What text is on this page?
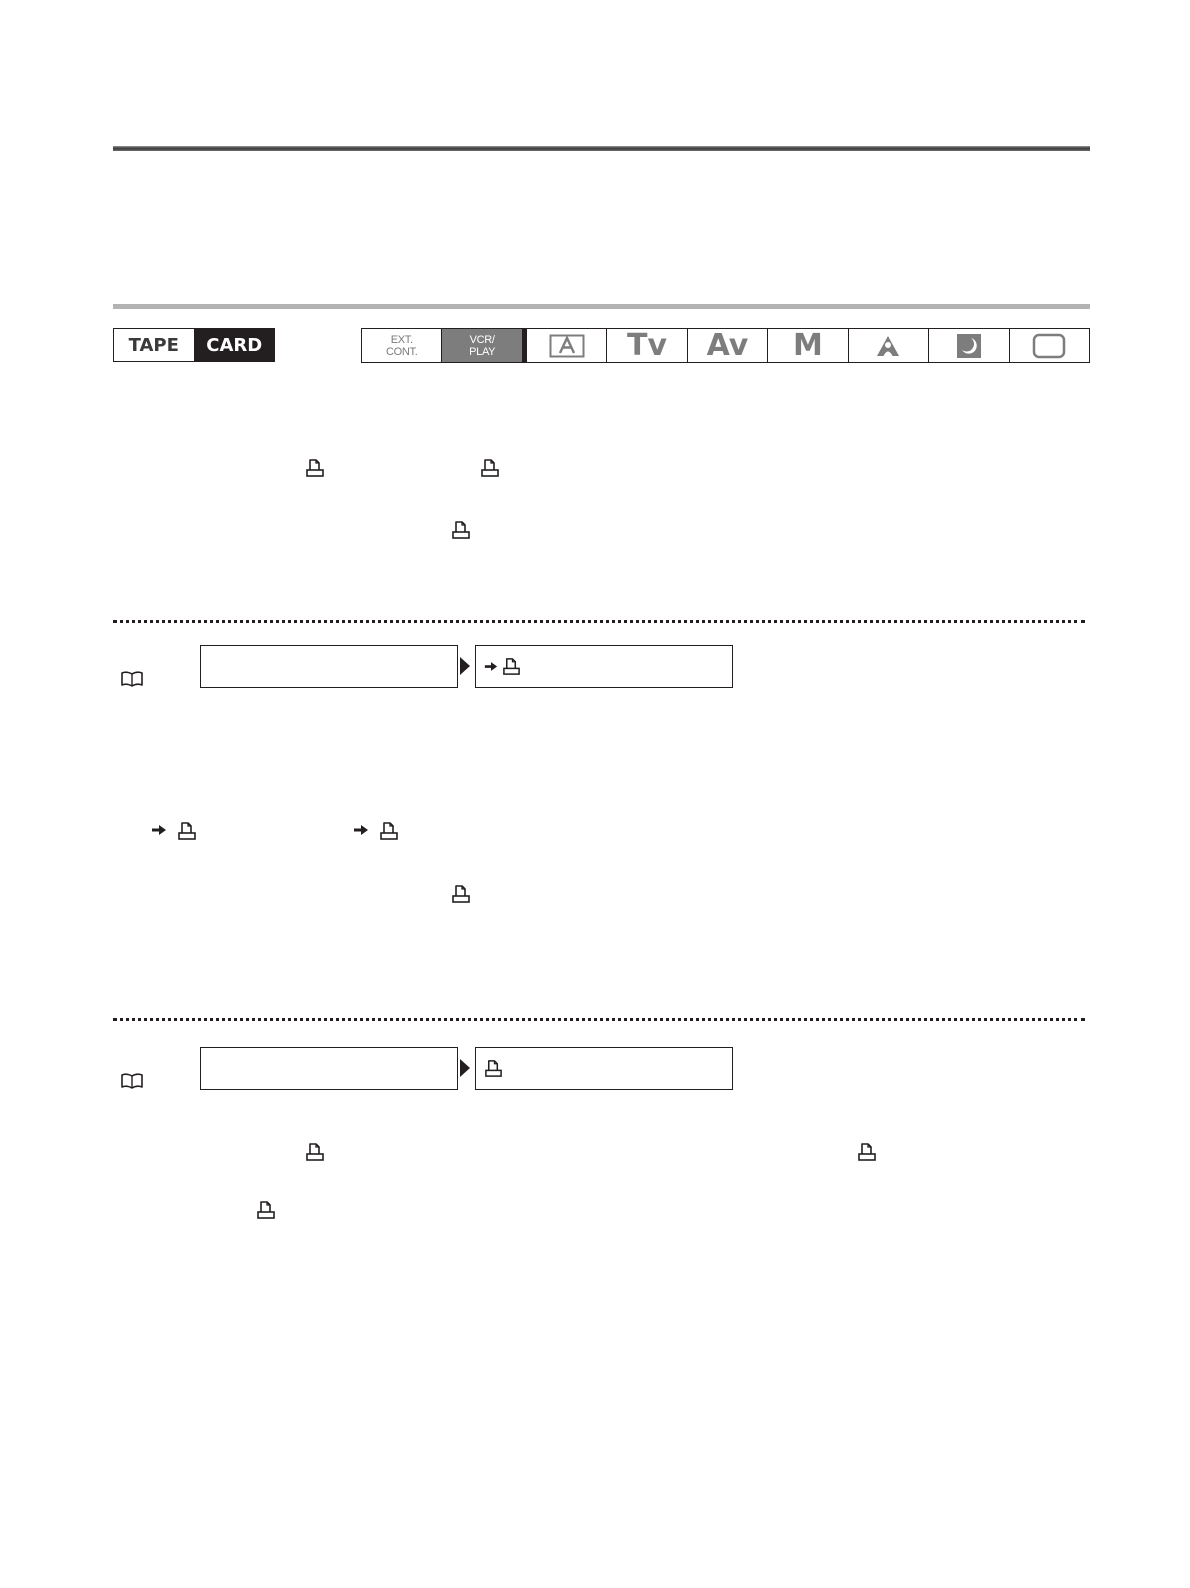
TAPE	CARD	EXT.
CONT.
VCR/
PLAY	Tv	Av	M
